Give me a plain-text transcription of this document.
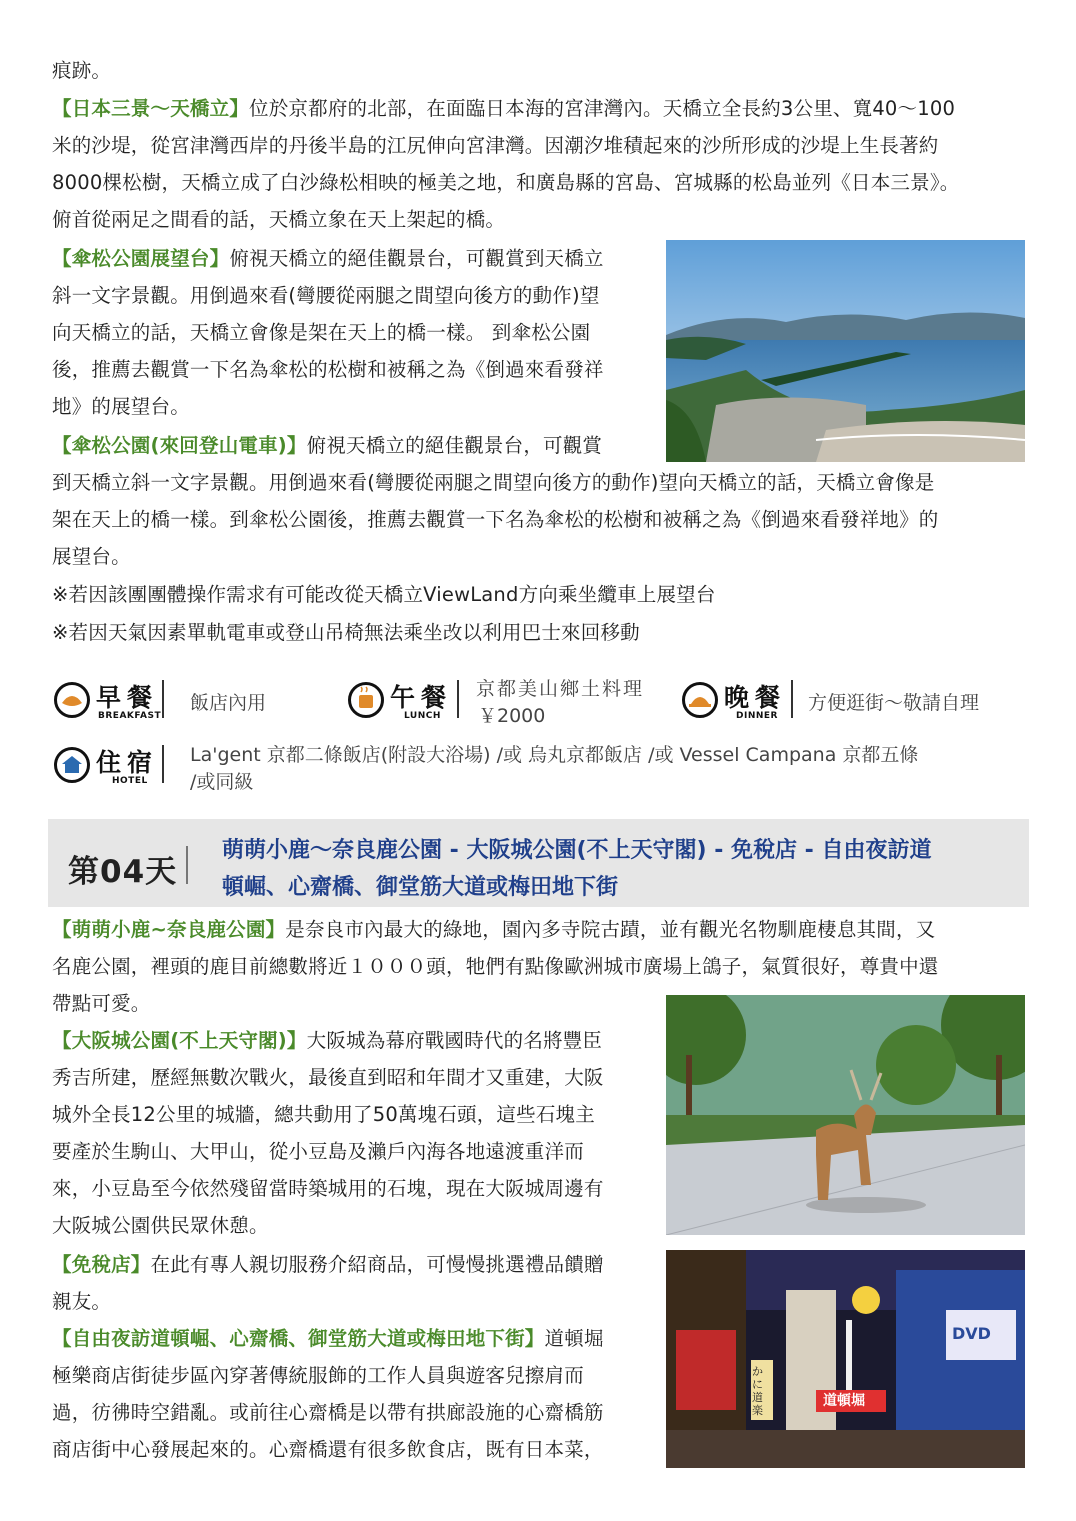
痕跡。
【日本三景～天橋立】位於京都府的北部，在面臨日本海的宮津灣內。天橋立全長約3公里、寬40～100
米的沙堤，從宮津灣西岸的丹後半島的江尻伸向宮津灣。因潮汐堆積起來的沙所形成的沙堤上生長著約
8000棵松樹，天橋立成了白沙綠松相映的極美之地，和廣島縣的宮島、宮城縣的松島並列《日本三景》。
俯首從兩足之間看的話，天橋立象在天上架起的橋。
【傘松公園展望台】俯視天橋立的絕佳觀景台，可觀賞到天橋立
斜一文字景觀。用倒過來看(彎腰從兩腿之間望向後方的動作)望
向天橋立的話，天橋立會像是架在天上的橋一樣。 到傘松公園
後，推薦去觀賞一下名為傘松的松樹和被稱之為《倒過來看發祥
地》的展望台。
【傘松公園(來回登山電車)】俯視天橋立的絕佳觀景台，可觀賞
到天橋立斜一文字景觀。用倒過來看(彎腰從兩腿之間望向後方的動作)望向天橋立的話，天橋立會像是
架在天上的橋一樣。到傘松公園後，推薦去觀賞一下名為傘松的松樹和被稱之為《倒過來看發祥地》的
展望台。
※若因該團團體操作需求有可能改從天橋立ViewLand方向乘坐纜車上展望台
※若因天氣因素單軌電車或登山吊椅無法乘坐改以利用巴士來回移動
早餐
BREAKFAST
飯店內用	午餐
LUNCH
京都美山鄉土料理
￥2000
晚餐
DINNER
方便逛街～敬請自理
住宿
HOTEL
La'gent 京都二條飯店(附設大浴場) /或 烏丸京都飯店 /或 Vessel Campana 京都五條
/或同級
第04天
萌萌小鹿～奈良鹿公園 - 大阪城公園(不上天守閣) - 免稅店 - 自由夜訪道
頓崛、心齋橋、御堂筋大道或梅田地下街
【萌萌小鹿~奈良鹿公園】是奈良市內最大的綠地，園內多寺院古蹟，並有觀光名物馴鹿棲息其間，又
名鹿公園，裡頭的鹿目前總數將近１０００頭，牠們有點像歐洲城市廣場上鴿子，氣質很好，尊貴中還
帶點可愛。
【大阪城公園(不上天守閣)】大阪城為幕府戰國時代的名將豐臣
秀吉所建，歷經無數次戰火，最後直到昭和年間才又重建，大阪
城外全長12公里的城牆，總共動用了50萬塊石頭，這些石塊主
要產於生駒山、大甲山，從小豆島及瀨戶內海各地遠渡重洋而
來，小豆島至今依然殘留當時築城用的石塊，現在大阪城周邊有
大阪城公園供民眾休憩。
【免稅店】在此有專人親切服務介紹商品，可慢慢挑選禮品饋贈
親友。
【自由夜訪道頓崛、心齋橋、御堂筋大道或梅田地下街】道頓堀
極樂商店街徒步區內穿著傳統服飾的工作人員與遊客兒擦肩而
過，彷彿時空錯亂。或前往心齋橋是以帶有拱廊設施的心齋橋筋
商店街中心發展起來的。心齋橋還有很多飲食店，既有日本菜，
道頓堀
かに道楽
DVD
